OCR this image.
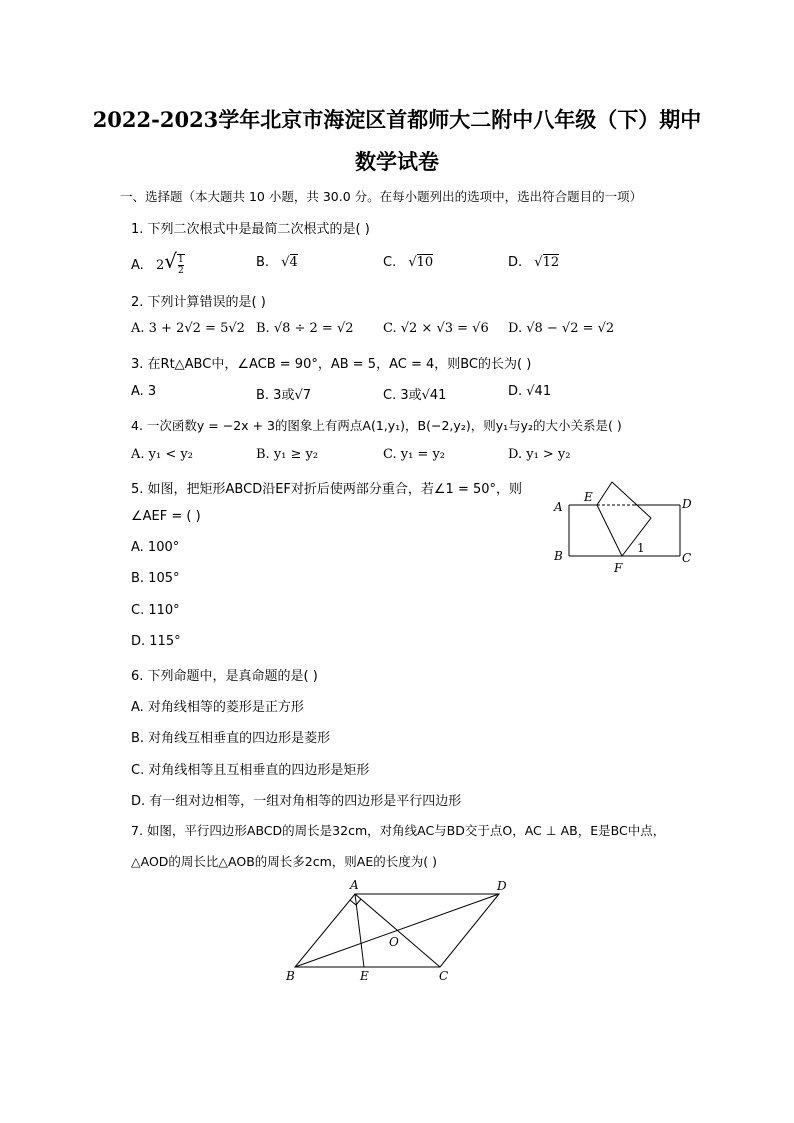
2022-2023学年北京市海淀区首都师大二附中八年级（下）期中
数学试卷
一、选择题（本大题共 10 小题，共 30.0 分。在每小题列出的选项中，选出符合题目的一项）
1. 下列二次根式中是最简二次根式的是( )
A. $2√\frac{1}{2}$	B. √4	C. √10	D. √12
2. 下列计算错误的是( )
A. 3 + 2√2 = 5√2 B. √8 ÷ 2 = √2 C. √2 × √3 = √6 D. √8 − √2 = √2
3. 在Rt△ABC中，∠ACB = 90°，AB = 5，AC = 4，则BC的长为( )
A. 3	B. 3或√7	C. 3或√41	D. √41
4. 一次函数y = −2x + 3的图象上有两点A(1,y₁)，B(−2,y₂)，则y₁与y₂的大小关系是( )
A. y₁ < y₂	B. y₁ ≥ y₂	C. y₁ = y₂	D. y₁ > y₂
5. 如图，把矩形ABCD沿EF对折后使两部分重合，若∠1 = 50°，则
∠AEF = ( )
A. 100°
B. 105°
C. 110°
D. 115°
A
E	D
B	C
F
1
6. 下列命题中，是真命题的是( )
A. 对角线相等的菱形是正方形
B. 对角线互相垂直的四边形是菱形
C. 对角线相等且互相垂直的四边形是矩形
D. 有一组对边相等，一组对角相等的四边形是平行四边形
7. 如图，平行四边形ABCD的周长是32cm，对角线AC与BD交于点O，AC ⊥ AB，E是BC中点，
△AOD的周长比△AOB的周长多2cm，则AE的长度为( )
A	D
O
B	E	C
